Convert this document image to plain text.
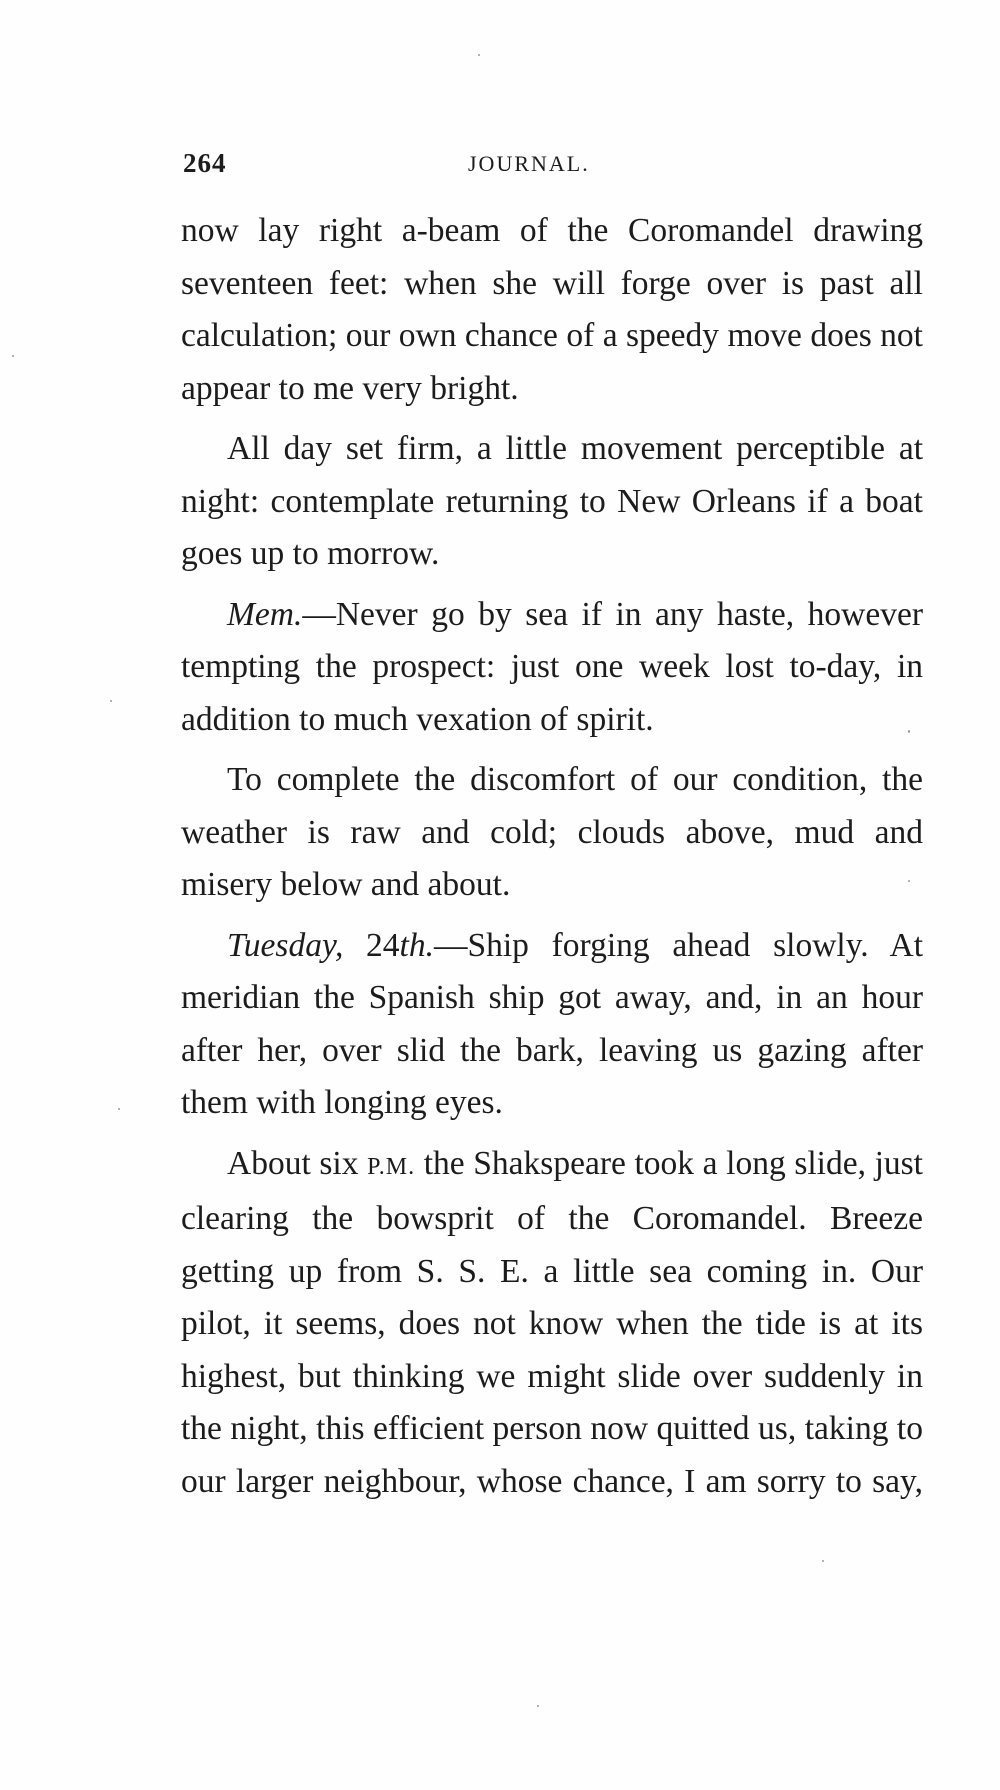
264	JOURNAL.

now lay right a-beam of the Coromandel drawing seventeen feet: when she will forge over is past all calculation; our own chance of a speedy move does not appear to me very bright.

All day set firm, a little movement perceptible at night: contemplate returning to New Orleans if a boat goes up to morrow.

Mem.—Never go by sea if in any haste, however tempting the prospect: just one week lost to-day, in addition to much vexation of spirit.

To complete the discomfort of our condition, the weather is raw and cold; clouds above, mud and misery below and about.

Tuesday, 24th.—Ship forging ahead slowly. At meridian the Spanish ship got away, and, in an hour after her, over slid the bark, leaving us gazing after them with longing eyes.

About six P.M. the Shakspeare took a long slide, just clearing the bowsprit of the Coromandel. Breeze getting up from S. S. E. a little sea coming in. Our pilot, it seems, does not know when the tide is at its highest, but thinking we might slide over suddenly in the night, this efficient person now quitted us, taking to our larger neighbour, whose chance, I am sorry to say,
